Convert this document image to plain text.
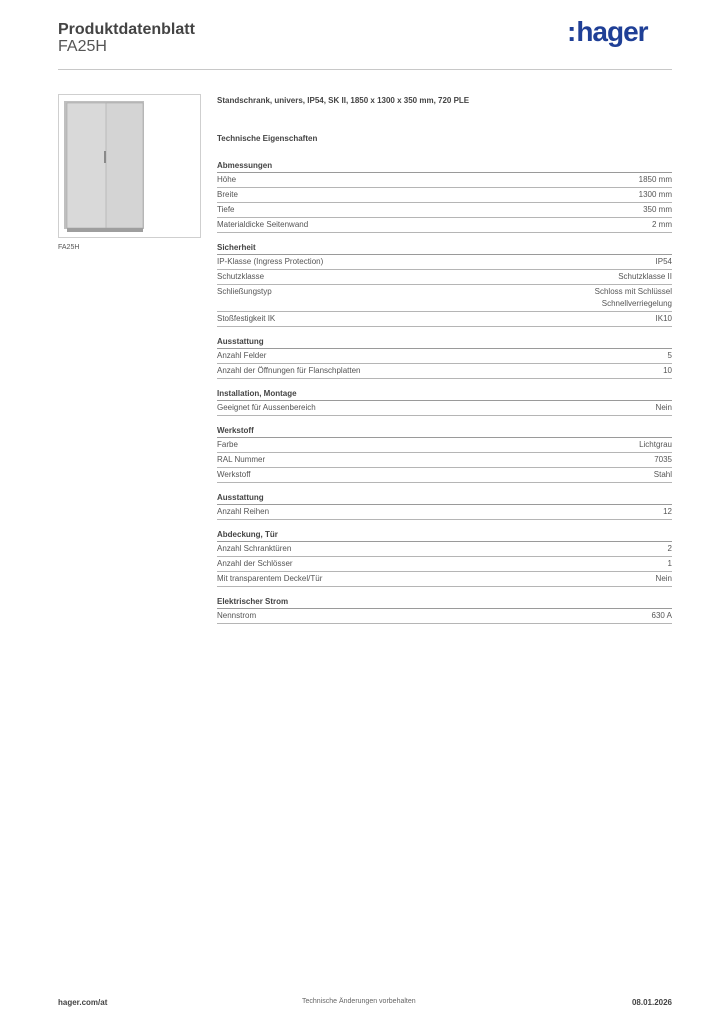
Produktdatenblatt
FA25H	:hager
FA25H
Standschrank, univers, IP54, SK II, 1850 x 1300 x 350 mm, 720 PLE
Technische Eigenschaften
Abmessungen
Höhe	1850 mm
Breite	1300 mm
Tiefe	350 mm
Materialdicke Seitenwand	2 mm
Sicherheit
IP-Klasse (Ingress Protection)	IP54
Schutzklasse	Schutzklasse II
Schließungstyp	Schloss mit Schlüssel
Schnellverriegelung
Stoßfestigkeit IK	IK10
Ausstattung
Anzahl Felder	5
Anzahl der Öffnungen für Flanschplatten	10
Installation, Montage
Geeignet für Aussenbereich	Nein
Werkstoff
Farbe	Lichtgrau
RAL Nummer	7035
Werkstoff	Stahl
Ausstattung
Anzahl Reihen	12
Abdeckung, Tür
Anzahl Schranktüren	2
Anzahl der Schlösser	1
Mit transparentem Deckel/Tür	Nein
Elektrischer Strom
Nennstrom	630 A
hager.com/at	Technische Änderungen vorbehalten	08.01.2026
